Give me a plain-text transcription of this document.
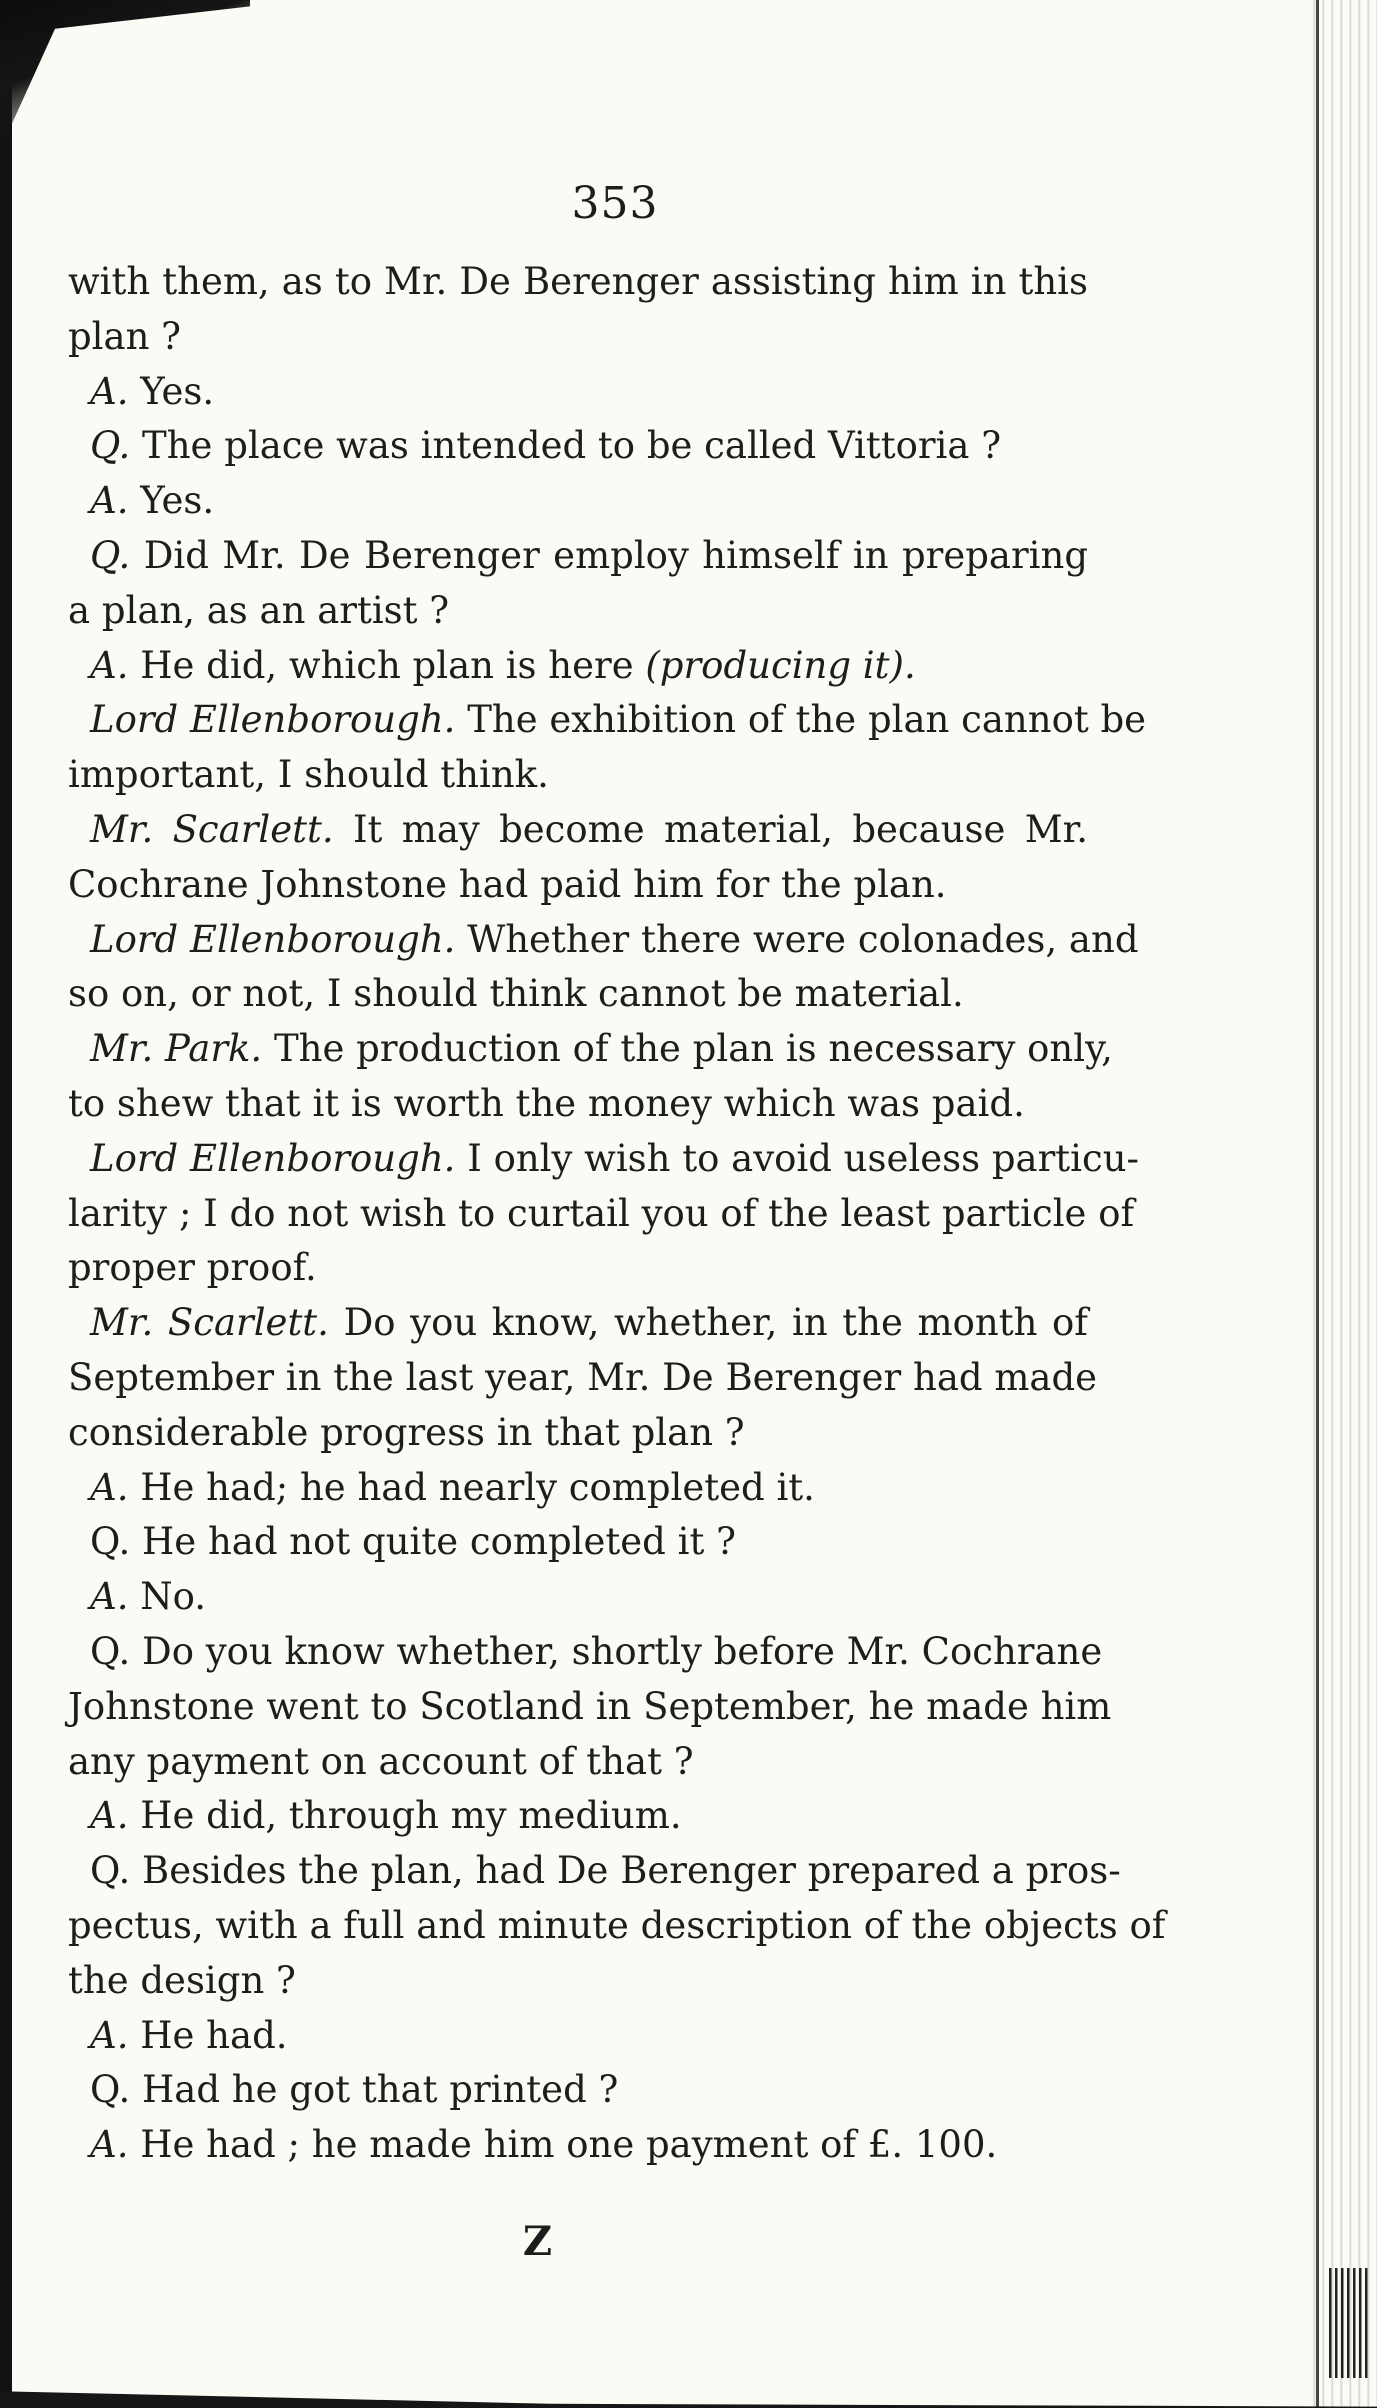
353
with them, as to Mr. De Berenger assisting him in this
plan ?
A. Yes.
Q. The place was intended to be called Vittoria ?
A. Yes.
Q. Did Mr. De Berenger employ himself in preparing
a plan, as an artist ?
A. He did, which plan is here (producing it).
Lord Ellenborough. The exhibition of the plan cannot be
important, I should think.
Mr. Scarlett. It may become material, because Mr.
Cochrane Johnstone had paid him for the plan.
Lord Ellenborough. Whether there were colonades, and
so on, or not, I should think cannot be material.
Mr. Park. The production of the plan is necessary only,
to shew that it is worth the money which was paid.
Lord Ellenborough. I only wish to avoid useless particu-
larity ; I do not wish to curtail you of the least particle of
proper proof.
Mr. Scarlett. Do you know, whether, in the month of
September in the last year, Mr. De Berenger had made
considerable progress in that plan ?
A. He had; he had nearly completed it.
Q. He had not quite completed it ?
A. No.
Q. Do you know whether, shortly before Mr. Cochrane
Johnstone went to Scotland in September, he made him
any payment on account of that ?
A. He did, through my medium.
Q. Besides the plan, had De Berenger prepared a pros-
pectus, with a full and minute description of the objects of
the design ?
A. He had.
Q. Had he got that printed ?
A. He had ; he made him one payment of £. 100.
Z
